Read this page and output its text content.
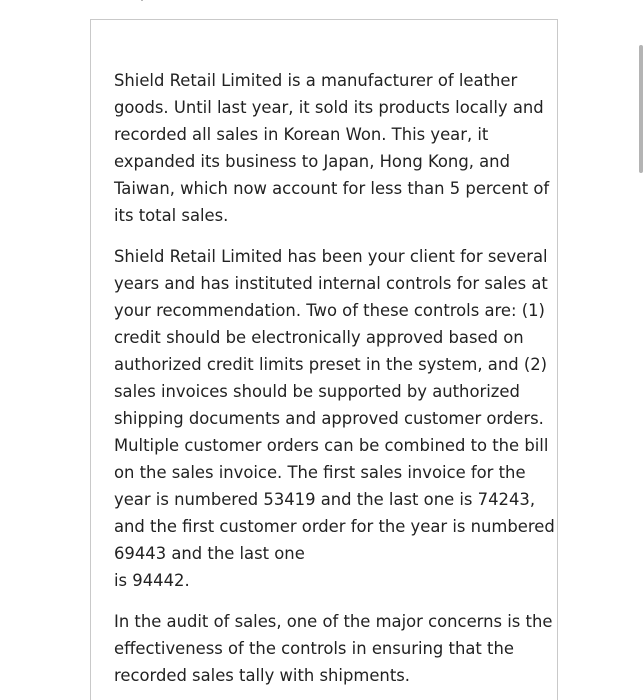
Shield Retail Limited is a manufacturer of leather
goods. Until last year, it sold its products locally and
recorded all sales in Korean Won. This year, it
expanded its business to Japan, Hong Kong, and
Taiwan, which now account for less than 5 percent of
its total sales.

Shield Retail Limited has been your client for several
years and has instituted internal controls for sales at
your recommendation. Two of these controls are: (1)
credit should be electronically approved based on
authorized credit limits preset in the system, and (2)
sales invoices should be supported by authorized
shipping documents and approved customer orders.
Multiple customer orders can be combined to the bill
on the sales invoice. The first sales invoice for the
year is numbered 53419 and the last one is 74243,
and the first customer order for the year is numbered
69443 and the last one
is 94442.

In the audit of sales, one of the major concerns is the
effectiveness of the controls in ensuring that the
recorded sales tally with shipments.
